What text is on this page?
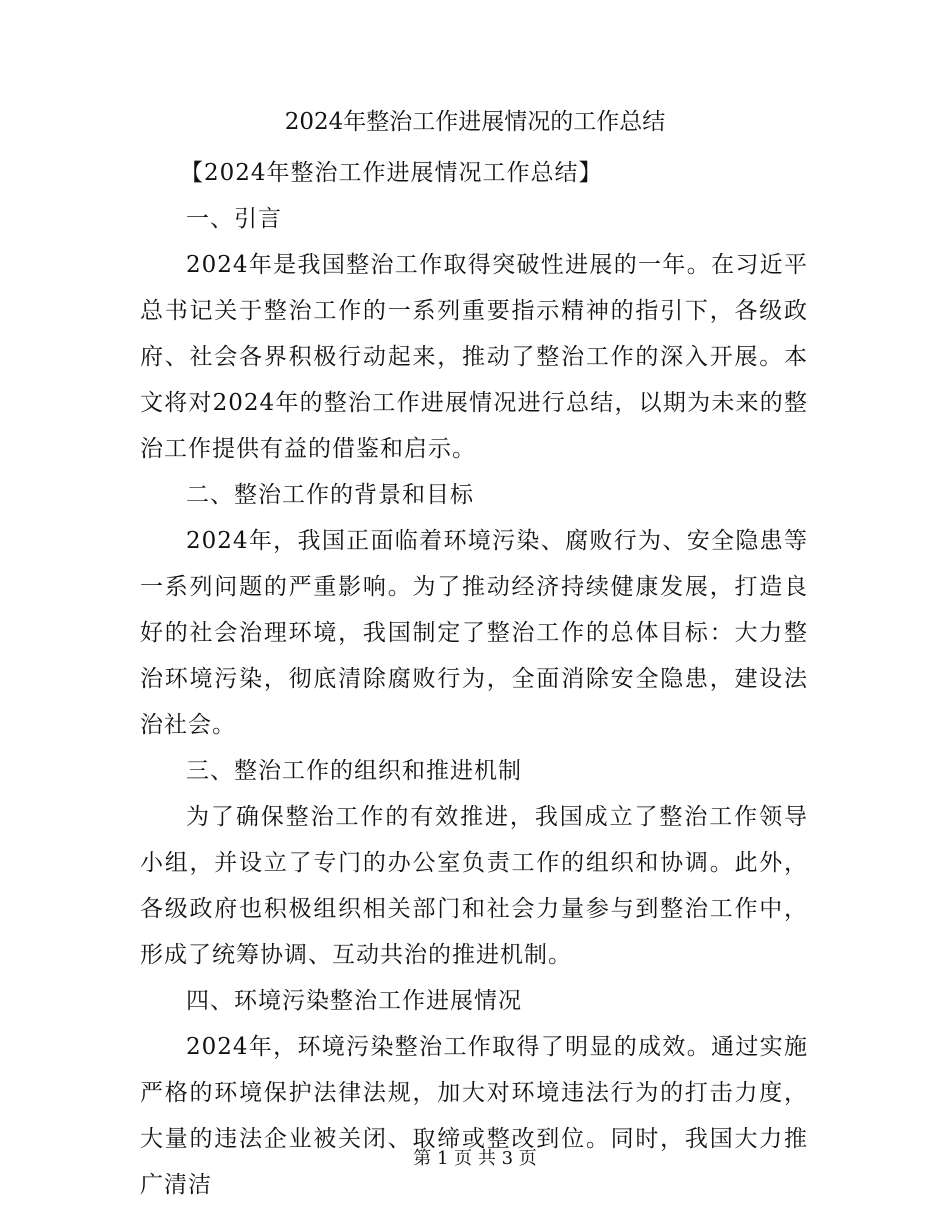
2024年整治工作进展情况的工作总结

【2024年整治工作进展情况工作总结】

一、引言

2024年是我国整治工作取得突破性进展的一年。在习近平总书记关于整治工作的一系列重要指示精神的指引下，各级政府、社会各界积极行动起来，推动了整治工作的深入开展。本文将对2024年的整治工作进展情况进行总结，以期为未来的整治工作提供有益的借鉴和启示。

二、整治工作的背景和目标

2024年，我国正面临着环境污染、腐败行为、安全隐患等一系列问题的严重影响。为了推动经济持续健康发展，打造良好的社会治理环境，我国制定了整治工作的总体目标：大力整治环境污染，彻底清除腐败行为，全面消除安全隐患，建设法治社会。

三、整治工作的组织和推进机制

为了确保整治工作的有效推进，我国成立了整治工作领导小组，并设立了专门的办公室负责工作的组织和协调。此外，各级政府也积极组织相关部门和社会力量参与到整治工作中，形成了统筹协调、互动共治的推进机制。

四、环境污染整治工作进展情况

2024年，环境污染整治工作取得了明显的成效。通过实施严格的环境保护法律法规，加大对环境违法行为的打击力度，大量的违法企业被关闭、取缔或整改到位。同时，我国大力推广清洁

第 1 页 共 3 页
